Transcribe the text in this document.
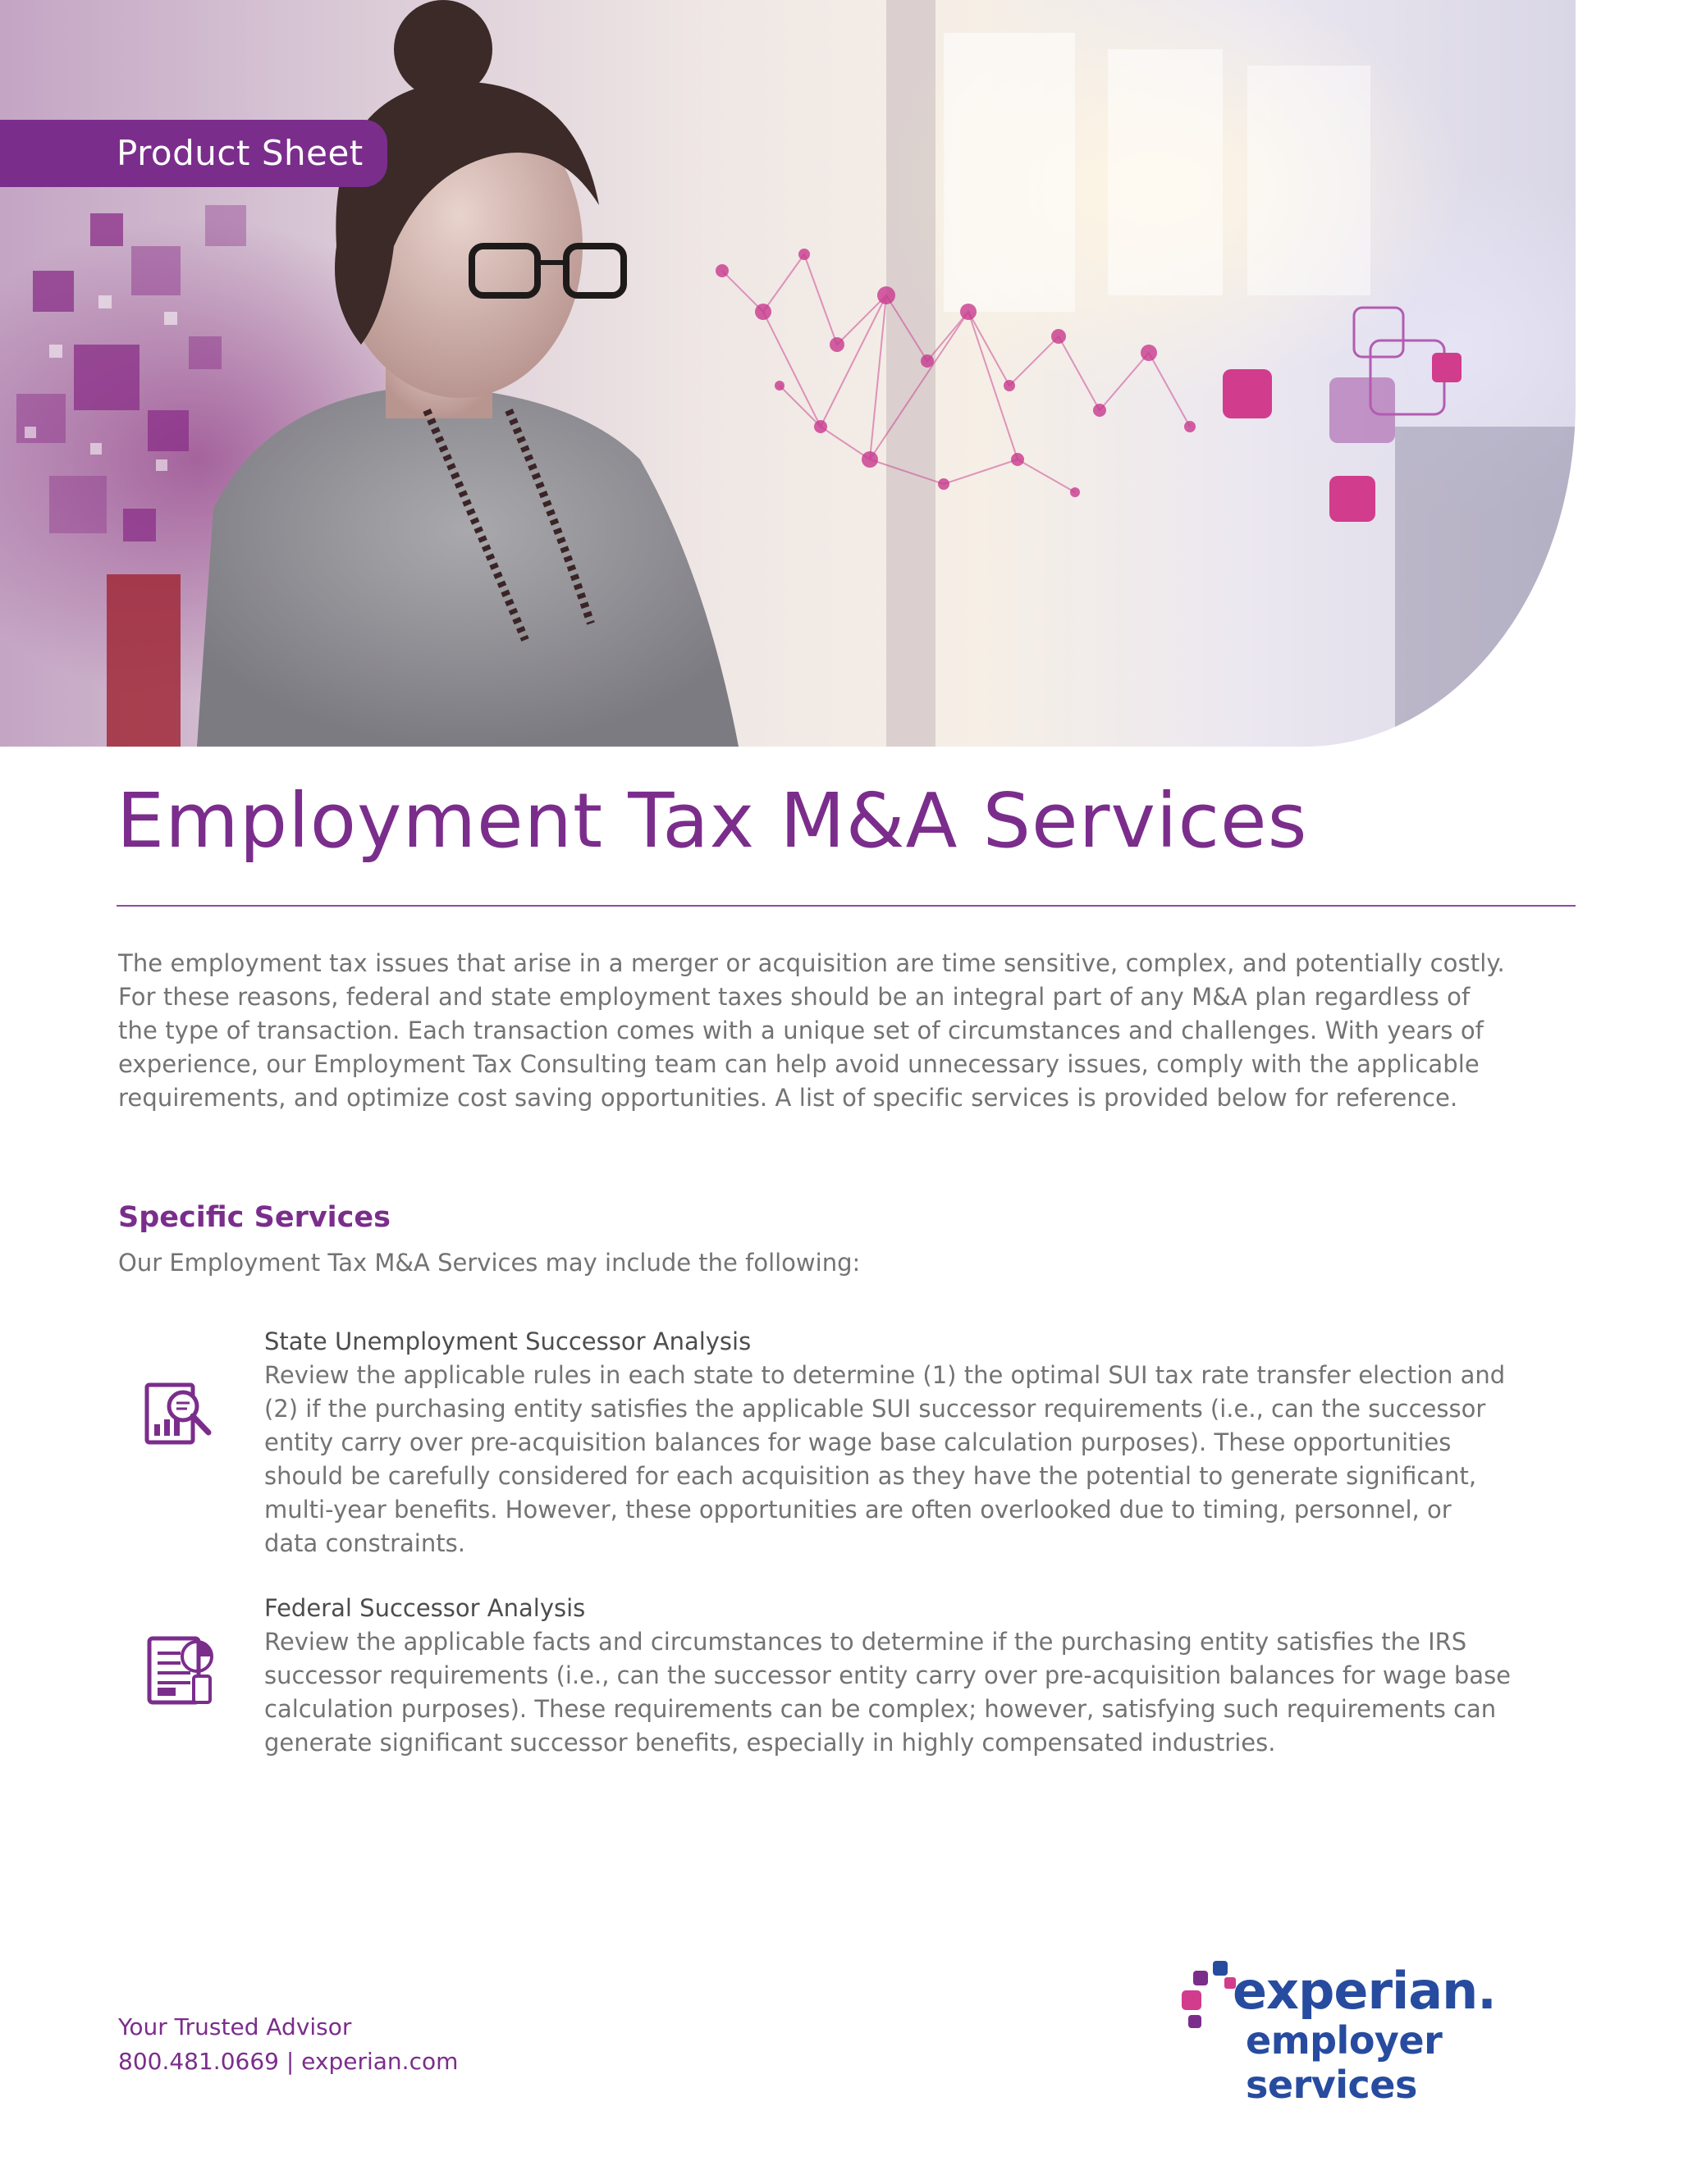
Product Sheet
Employment Tax M&A Services

The employment tax issues that arise in a merger or acquisition are time sensitive, complex, and potentially costly. For these reasons, federal and state employment taxes should be an integral part of any M&A plan regardless of the type of transaction. Each transaction comes with a unique set of circumstances and challenges. With years of experience, our Employment Tax Consulting team can help avoid unnecessary issues, comply with the applicable requirements, and optimize cost saving opportunities. A list of specific services is provided below for reference.

Specific Services

Our Employment Tax M&A Services may include the following:

State Unemployment Successor Analysis

Review the applicable rules in each state to determine (1) the optimal SUI tax rate transfer election and (2) if the purchasing entity satisfies the applicable SUI successor requirements (i.e., can the successor entity carry over pre-acquisition balances for wage base calculation purposes). These opportunities should be carefully considered for each acquisition as they have the potential to generate significant, multi-year benefits. However, these opportunities are often overlooked due to timing, personnel, or data constraints.

Federal Successor Analysis

Review the applicable facts and circumstances to determine if the purchasing entity satisfies the IRS successor requirements (i.e., can the successor entity carry over pre-acquisition balances for wage base calculation purposes). These requirements can be complex; however, satisfying such requirements can generate significant successor benefits, especially in highly compensated industries.

Your Trusted Advisor
800.481.0669 | experian.com
experian.
employer services
